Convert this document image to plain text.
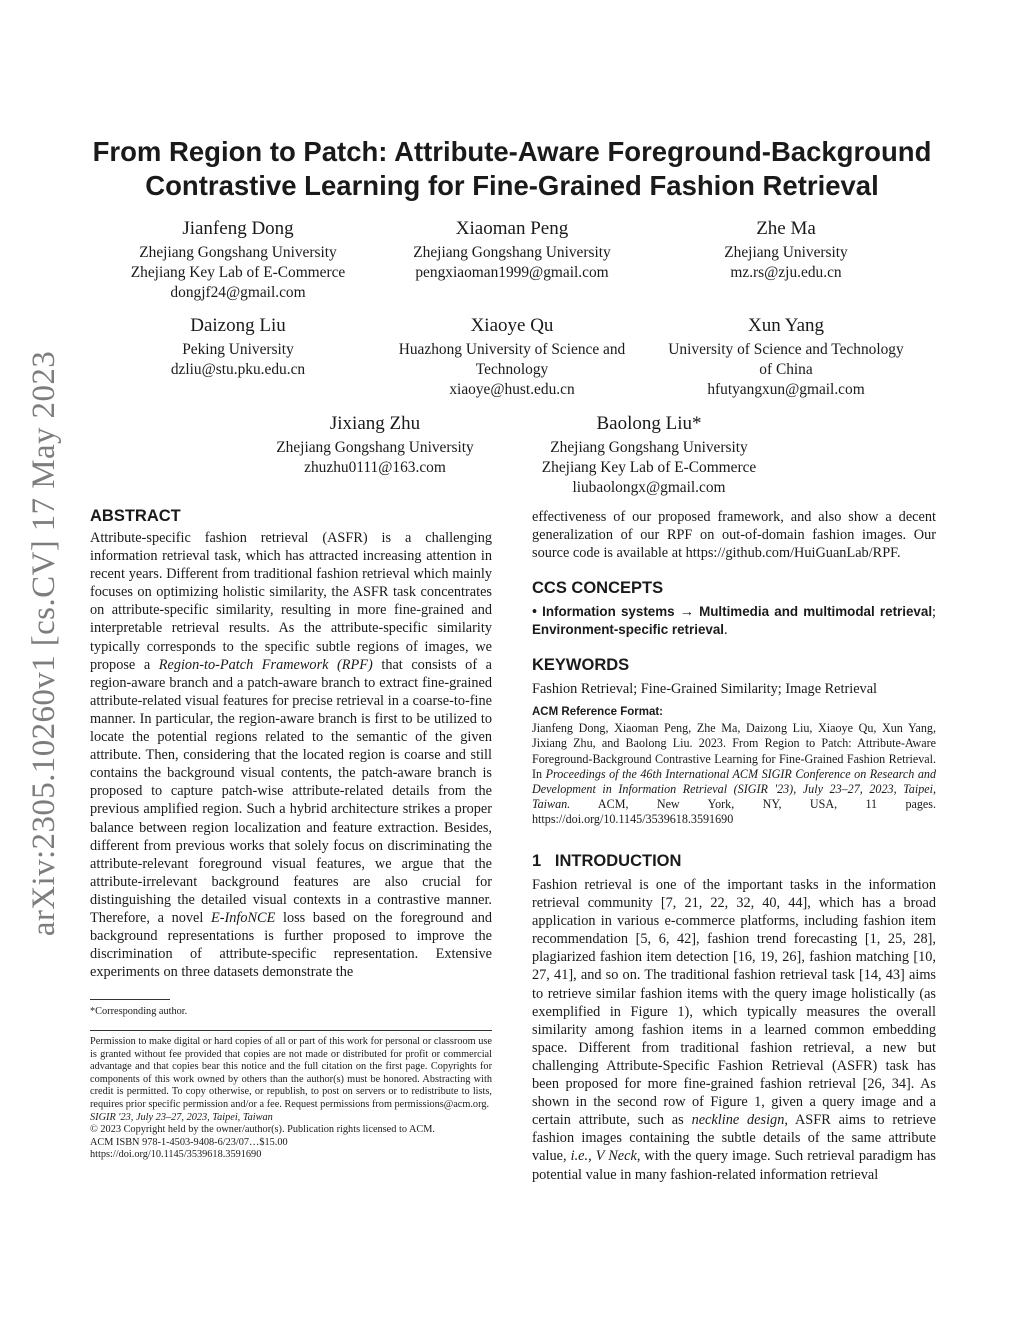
arXiv:2305.10260v1 [cs.CV] 17 May 2023
From Region to Patch: Attribute-Aware Foreground-Background
Contrastive Learning for Fine-Grained Fashion Retrieval
Jianfeng Dong
Zhejiang Gongshang University
Zhejiang Key Lab of E-Commerce
dongjf24@gmail.com
Xiaoman Peng
Zhejiang Gongshang University
pengxiaoman1999@gmail.com
Zhe Ma
Zhejiang University
mz.rs@zju.edu.cn
Daizong Liu
Peking University
dzliu@stu.pku.edu.cn
Xiaoye Qu
Huazhong University of Science and
Technology
xiaoye@hust.edu.cn
Xun Yang
University of Science and Technology
of China
hfutyangxun@gmail.com
Jixiang Zhu
Zhejiang Gongshang University
zhuzhu0111@163.com
Baolong Liu*
Zhejiang Gongshang University
Zhejiang Key Lab of E-Commerce
liubaolongx@gmail.com
ABSTRACT

Attribute-specific fashion retrieval (ASFR) is a challenging information retrieval task, which has attracted increasing attention in recent years. Different from traditional fashion retrieval which mainly focuses on optimizing holistic similarity, the ASFR task concentrates on attribute-specific similarity, resulting in more fine-grained and interpretable retrieval results. As the attribute-specific similarity typically corresponds to the specific subtle regions of images, we propose a Region-to-Patch Framework (RPF) that consists of a region-aware branch and a patch-aware branch to extract fine-grained attribute-related visual features for precise retrieval in a coarse-to-fine manner. In particular, the region-aware branch is first to be utilized to locate the potential regions related to the semantic of the given attribute. Then, considering that the located region is coarse and still contains the background visual contents, the patch-aware branch is proposed to capture patch-wise attribute-related details from the previous amplified region. Such a hybrid architecture strikes a proper balance between region localization and feature extraction. Besides, different from previous works that solely focus on discriminating the attribute-relevant foreground visual features, we argue that the attribute-irrelevant background features are also crucial for distinguishing the detailed visual contexts in a contrastive manner. Therefore, a novel E-InfoNCE loss based on the foreground and background representations is further proposed to improve the discrimination of attribute-specific representation. Extensive experiments on three datasets demonstrate the

*Corresponding author.

Permission to make digital or hard copies of all or part of this work for personal or classroom use is granted without fee provided that copies are not made or distributed for profit or commercial advantage and that copies bear this notice and the full citation on the first page. Copyrights for components of this work owned by others than the author(s) must be honored. Abstracting with credit is permitted. To copy otherwise, or republish, to post on servers or to redistribute to lists, requires prior specific permission and/or a fee. Request permissions from permissions@acm.org.

SIGIR '23, July 23–27, 2023, Taipei, Taiwan

© 2023 Copyright held by the owner/author(s). Publication rights licensed to ACM.

ACM ISBN 978-1-4503-9408-6/23/07…$15.00

https://doi.org/10.1145/3539618.3591690

effectiveness of our proposed framework, and also show a decent generalization of our RPF on out-of-domain fashion images. Our source code is available at https://github.com/HuiGuanLab/RPF.

CCS CONCEPTS

• Information systems → Multimedia and multimodal retrieval; Environment-specific retrieval.

KEYWORDS

Fashion Retrieval; Fine-Grained Similarity; Image Retrieval

ACM Reference Format:

Jianfeng Dong, Xiaoman Peng, Zhe Ma, Daizong Liu, Xiaoye Qu, Xun Yang, Jixiang Zhu, and Baolong Liu. 2023. From Region to Patch: Attribute-Aware Foreground-Background Contrastive Learning for Fine-Grained Fashion Retrieval. In Proceedings of the 46th International ACM SIGIR Conference on Research and Development in Information Retrieval (SIGIR '23), July 23–27, 2023, Taipei, Taiwan. ACM, New York, NY, USA, 11 pages. https://doi.org/10.1145/3539618.3591690

1   INTRODUCTION

Fashion retrieval is one of the important tasks in the information retrieval community [7, 21, 22, 32, 40, 44], which has a broad application in various e-commerce platforms, including fashion item recommendation [5, 6, 42], fashion trend forecasting [1, 25, 28], plagiarized fashion item detection [16, 19, 26], fashion matching [10, 27, 41], and so on. The traditional fashion retrieval task [14, 43] aims to retrieve similar fashion items with the query image holistically (as exemplified in Figure 1), which typically measures the overall similarity among fashion items in a learned common embedding space. Different from traditional fashion retrieval, a new but challenging Attribute-Specific Fashion Retrieval (ASFR) task has been proposed for more fine-grained fashion retrieval [26, 34]. As shown in the second row of Figure 1, given a query image and a certain attribute, such as neckline design, ASFR aims to retrieve fashion images containing the subtle details of the same attribute value, i.e., V Neck, with the query image. Such retrieval paradigm has potential value in many fashion-related information retrieval
